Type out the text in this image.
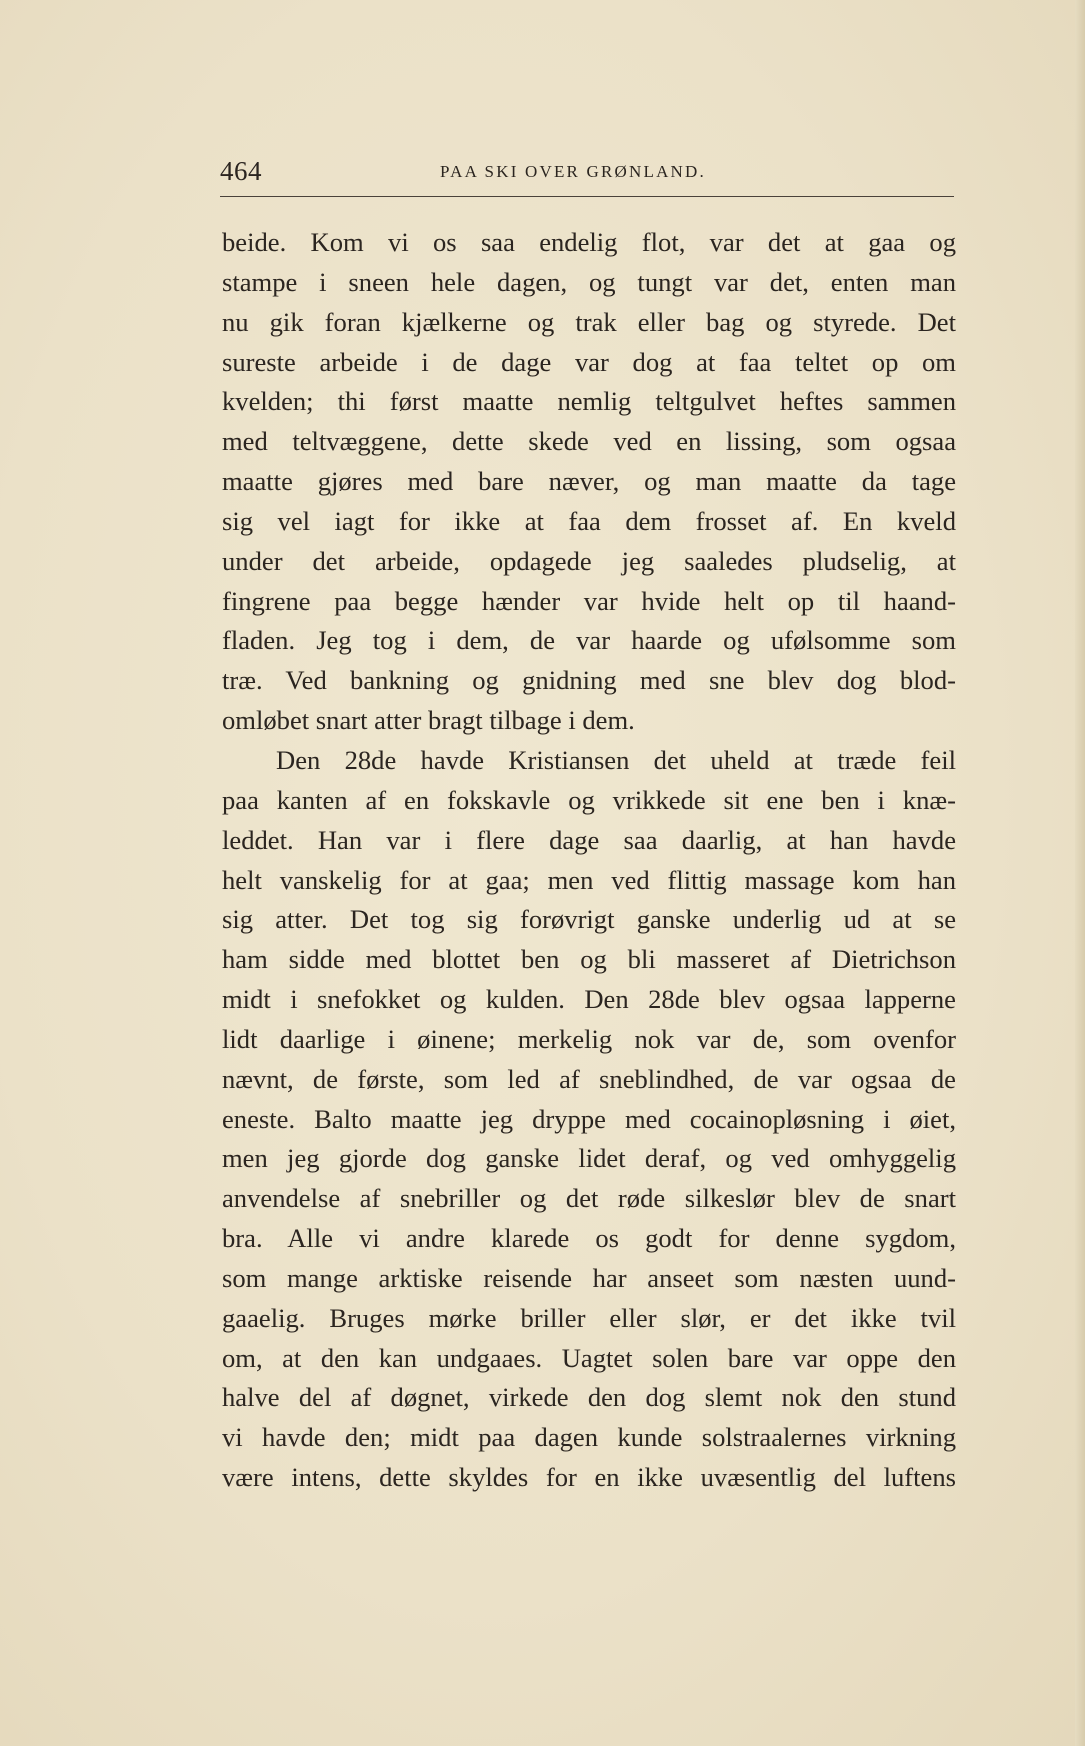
464	PAA SKI OVER GRØNLAND.
beide. Kom vi os saa endelig flot, var det at gaa og
stampe i sneen hele dagen, og tungt var det, enten man
nu gik foran kjælkerne og trak eller bag og styrede. Det
sureste arbeide i de dage var dog at faa teltet op om
kvelden; thi først maatte nemlig teltgulvet heftes sammen
med teltvæggene, dette skede ved en lissing, som ogsaa
maatte gjøres med bare næver, og man maatte da tage
sig vel iagt for ikke at faa dem frosset af. En kveld
under det arbeide, opdagede jeg saaledes pludselig, at
fingrene paa begge hænder var hvide helt op til haand-
fladen. Jeg tog i dem, de var haarde og ufølsomme som
træ. Ved bankning og gnidning med sne blev dog blod-
omløbet snart atter bragt tilbage i dem.
Den 28de havde Kristiansen det uheld at træde feil
paa kanten af en fokskavle og vrikkede sit ene ben i knæ-
leddet. Han var i flere dage saa daarlig, at han havde
helt vanskelig for at gaa; men ved flittig massage kom han
sig atter. Det tog sig forøvrigt ganske underlig ud at se
ham sidde med blottet ben og bli masseret af Dietrichson
midt i snefokket og kulden. Den 28de blev ogsaa lapperne
lidt daarlige i øinene; merkelig nok var de, som ovenfor
nævnt, de første, som led af sneblindhed, de var ogsaa de
eneste. Balto maatte jeg dryppe med cocainopløsning i øiet,
men jeg gjorde dog ganske lidet deraf, og ved omhyggelig
anvendelse af snebriller og det røde silkeslør blev de snart
bra. Alle vi andre klarede os godt for denne sygdom,
som mange arktiske reisende har anseet som næsten uund-
gaaelig. Bruges mørke briller eller slør, er det ikke tvil
om, at den kan undgaaes. Uagtet solen bare var oppe den
halve del af døgnet, virkede den dog slemt nok den stund
vi havde den; midt paa dagen kunde solstraalernes virkning
være intens, dette skyldes for en ikke uvæsentlig del luftens
